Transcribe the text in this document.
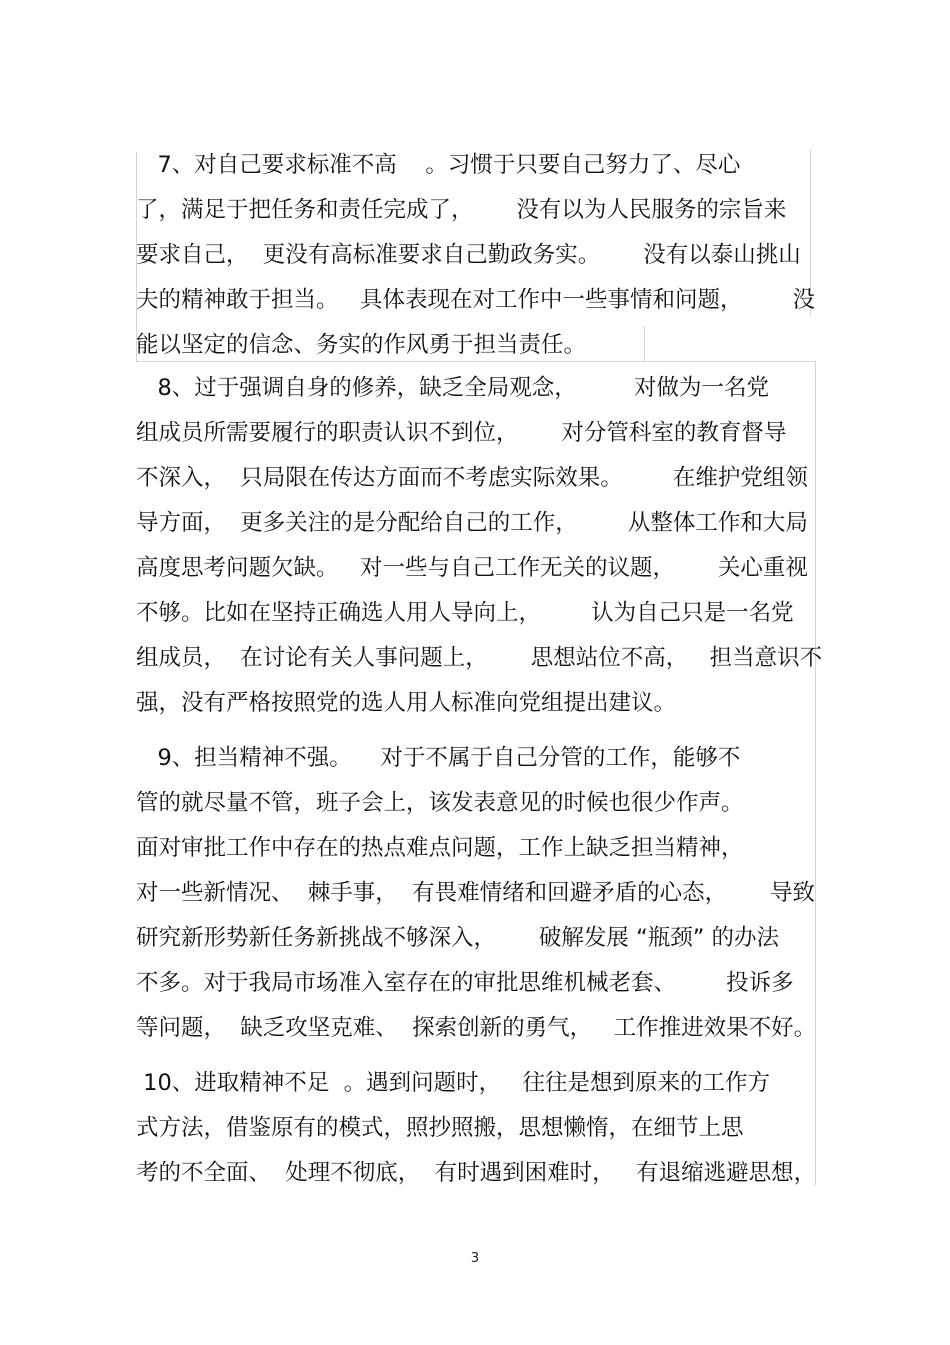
7、对自己要求标准不高    。习惯于只要自己努力了、尽心

了，满足于把任务和责任完成了，      没有以为人民服务的宗旨来

要求自己，  更没有高标准要求自己勤政务实。      没有以泰山挑山

夫的精神敢于担当。   具体表现在对工作中一些事情和问题，       没

能以坚定的信念、务实的作风勇于担当责任。

8、过于强调自身的修养，缺乏全局观念，        对做为一名党

组成员所需要履行的职责认识不到位，      对分管科室的教育督导

不深入，  只局限在传达方面而不考虑实际效果。       在维护党组领

导方面，  更多关注的是分配给自己的工作，       从整体工作和大局

高度思考问题欠缺。   对一些与自己工作无关的议题，      关心重视

不够。比如在坚持正确选人用人导向上，       认为自己只是一名党

组成员，  在讨论有关人事问题上，      思想站位不高，   担当意识不

强，没有严格按照党的选人用人标准向党组提出建议。

9、担当精神不强。    对于不属于自己分管的工作，能够不

管的就尽量不管，班子会上，该发表意见的时候也很少作声。

面对审批工作中存在的热点难点问题，工作上缺乏担当精神，

对一些新情况、  棘手事，  有畏难情绪和回避矛盾的心态，      导致

研究新形势新任务新挑战不够深入，      破解发展 “瓶颈” 的办法

不多。对于我局市场准入室存在的审批思维机械老套、       投诉多

等问题，  缺乏攻坚克难、  探索创新的勇气，   工作推进效果不好。

10、进取精神不足  。遇到问题时，   往往是想到原来的工作方

式方法，借鉴原有的模式，照抄照搬，思想懒惰，在细节上思

考的不全面、  处理不彻底，  有时遇到困难时，   有退缩逃避思想，

3
